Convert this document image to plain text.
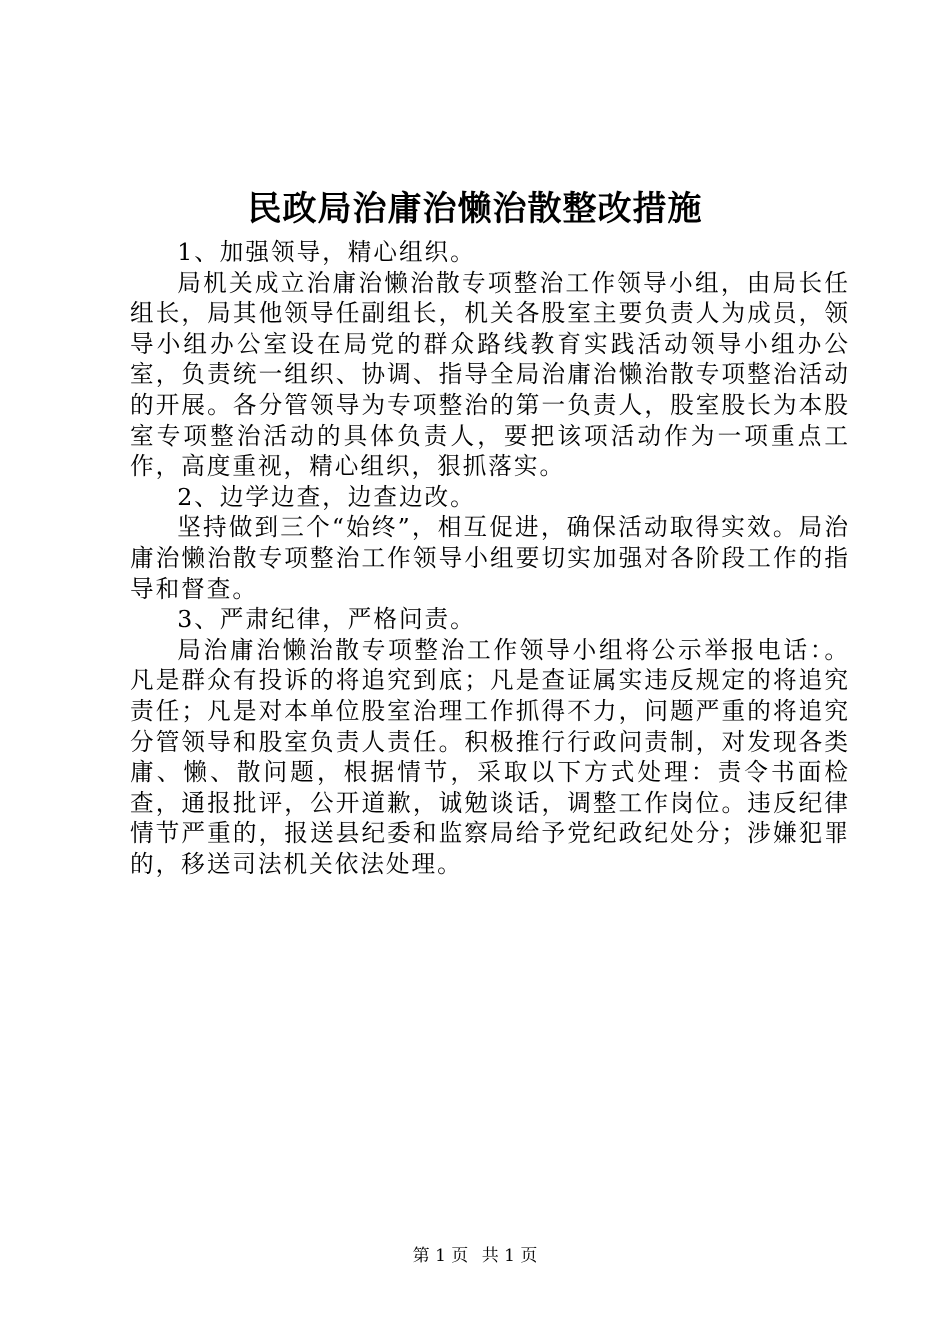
民政局治庸治懒治散整改措施

1、加强领导，精心组织。

局机关成立治庸治懒治散专项整治工作领导小组，由局长任组长，局其他领导任副组长，机关各股室主要负责人为成员，领导小组办公室设在局党的群众路线教育实践活动领导小组办公室，负责统一组织、协调、指导全局治庸治懒治散专项整治活动的开展。各分管领导为专项整治的第一负责人，股室股长为本股室专项整治活动的具体负责人，要把该项活动作为一项重点工作，高度重视，精心组织，狠抓落实。

2、边学边查，边查边改。

坚持做到三个“始终”，相互促进，确保活动取得实效。局治庸治懒治散专项整治工作领导小组要切实加强对各阶段工作的指导和督查。

3、严肃纪律，严格问责。

局治庸治懒治散专项整治工作领导小组将公示举报电话：。凡是群众有投诉的将追究到底；凡是查证属实违反规定的将追究责任；凡是对本单位股室治理工作抓得不力，问题严重的将追究分管领导和股室负责人责任。积极推行行政问责制，对发现各类庸、懒、散问题，根据情节，采取以下方式处理：责令书面检查，通报批评，公开道歉，诚勉谈话，调整工作岗位。违反纪律情节严重的，报送县纪委和监察局给予党纪政纪处分；涉嫌犯罪的，移送司法机关依法处理。

第 1 页 共 1 页
